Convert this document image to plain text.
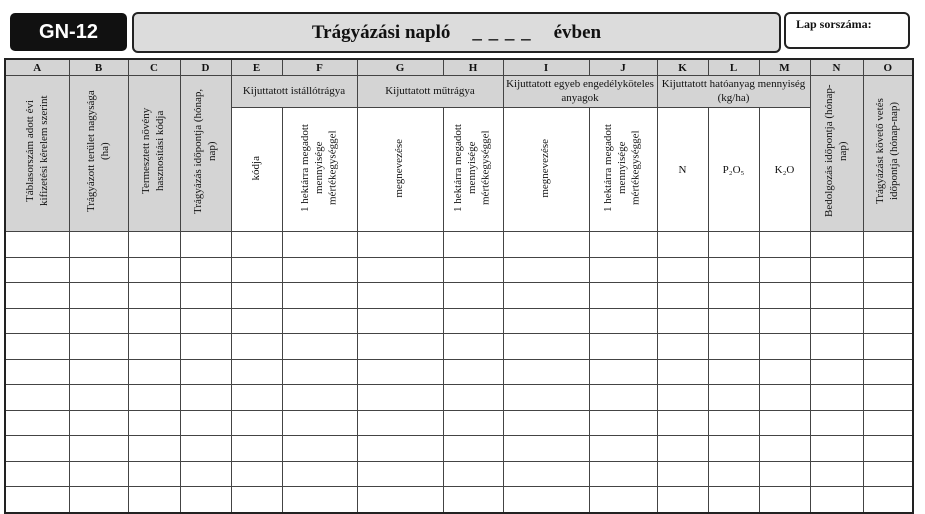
GN-12	Trágyázási napló _ _ _ _ évben	Lap sorszáma:
A	B	C	D	E	F	G	H	I	J	K	L	M	N	O
Táblasorszám adott évi kifizetési kérelem szerint	Trágyázott terület nagysága (ha)	Termesztett növény hasznosítási kódja	Trágyázás időpontja (hónap, nap)	Kijuttatott istállótrágya		Kijuttatott műtrágya		Kijuttatott egyeb engedélyköteles anyagok		Kijuttatott hatóanyag mennyiség (kg/ha)			Bedolgozás időpontja (hónap-nap)	Trágyázást követő vetés időpontja (hónap-nap)
				kódja	1 hektárra megadott mennyisége mértékegységgel	megnevezése	1 hektárra megadott mennyisége mértékegységgel	megnevezése	1 hektárra megadott mennyisége mértékegységgel	N	P₂O₅	K₂O		
